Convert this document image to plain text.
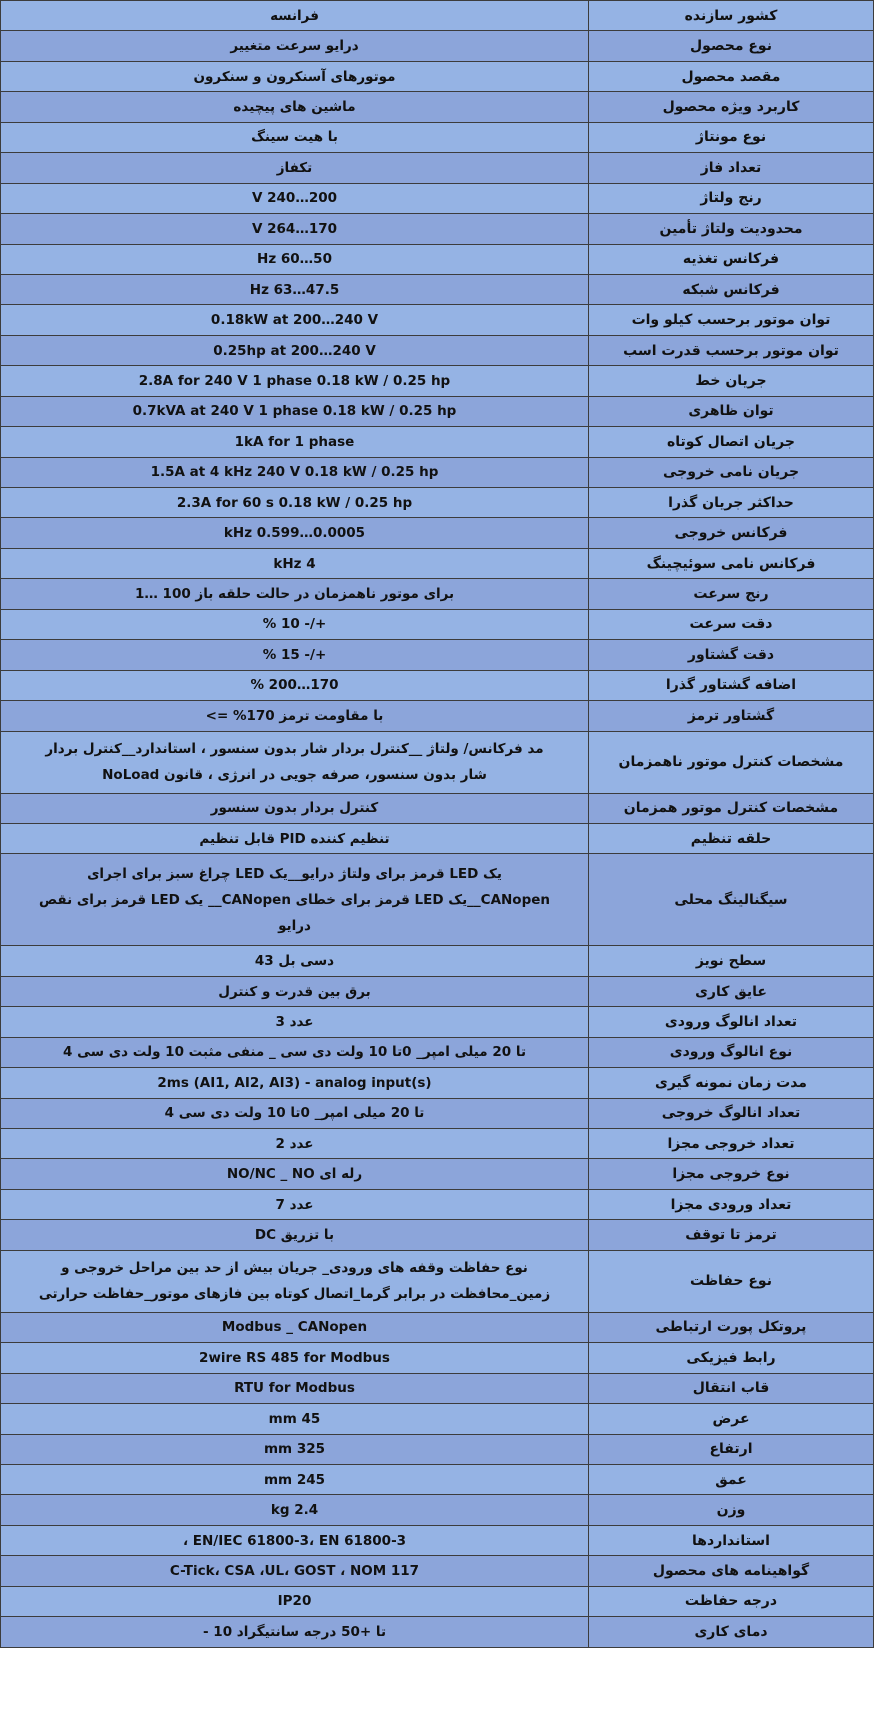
کشور سازنده	فرانسه

نوع محصول	درایو سرعت متغییر

مقصد محصول	موتورهای آسنکرون و سنکرون

کاربرد ویژه محصول	ماشین های پیچیده

نوع مونتاژ	با هیت سینگ

تعداد فاز	تکفاز

رنج ولتاژ	200…240 V

محدودیت ولتاژ تأمین	170…264 V

فرکانس تغذیه	50…60 Hz

فرکانس شبکه	47.5…63 Hz

توان موتور برحسب کیلو وات	0.18kW at 200…240 V

توان موتور برحسب قدرت اسب	0.25hp at 200…240 V

جریان خط	2.8A for 240 V 1 phase 0.18 kW / 0.25 hp

توان ظاهری	0.7kVA at 240 V 1 phase 0.18 kW / 0.25 hp

جریان اتصال کوتاه	1kA for 1 phase

جریان نامی خروجی	1.5A at 4 kHz 240 V 0.18 kW / 0.25 hp

حداکثر جریان گذرا	2.3A for 60 s 0.18 kW / 0.25 hp

فرکانس خروجی	0.0005…0.599 kHz

فرکانس نامی سوئیچینگ	4 kHz

رنج سرعت	برای موتور ناهمزمان در حالت حلقه باز 100 …1

دقت سرعت	+/- 10 %

دقت گشتاور	+/- 15 %

اضافه گشتاور گذرا	170…200 %

گشتاور ترمز	با مقاومت ترمز 170% =>

مشخصات کنترل موتور ناهمزمان	مد فرکانس/ ولتاژ __کنترل بردار شار بدون سنسور ، استاندارد__کنترل بردار
شار بدون سنسور، صرفه جویی در انرژی ، قانون NoLoad

مشخصات کنترل موتور همزمان	کنترل بردار بدون سنسور

حلقه تنظیم	تنظیم کننده PID قابل تنظیم

سیگنالینگ محلی	یک LED قرمز برای ولتاژ درایو__یک LED چراغ سبز برای اجرای
CANopen__یک LED قرمز برای خطای CANopen__ یک LED قرمز برای نقص
درایو

سطح نویز	دسی بل 43

عایق کاری	برق بین قدرت و کنترل

تعداد انالوگ ورودی	عدد 3

نوع انالوگ ورودی	تا 20 میلی امپر_ 0تا 10 ولت دی سی _ منفی مثبت 10 ولت دی سی 4

مدت زمان نمونه گیری	2ms (AI1, AI2, AI3) - analog input(s)

تعداد انالوگ خروجی	تا 20 میلی امپر_ 0تا 10 ولت دی سی 4

تعداد خروجی مجزا	عدد 2

نوع خروجی مجزا	رله ای NO/NC _ NO

تعداد ورودی مجزا	عدد 7

ترمز تا توقف	با تزریق DC

نوع حفاظت	نوع حفاظت وقفه های ورودی_ جریان بیش از حد بین مراحل خروجی و
زمین_محافظت در برابر گرما_اتصال کوتاه بین فازهای موتور_حفاظت حرارتی

پروتکل پورت ارتباطی	Modbus _ CANopen

رابط فیزیکی	2wire RS 485 for Modbus

قاب انتقال	RTU for Modbus

عرض	45 mm

ارتفاع	325 mm

عمق	245 mm

وزن	2.4 kg

استانداردها	EN/IEC 61800-3، EN 61800-3 ،

گواهینامه های محصول	C-Tick، CSA ،UL، GOST ، NOM 117

درجه حفاظت	IP20

دمای کاری	تا +50 درجه سانتیگراد 10 -
